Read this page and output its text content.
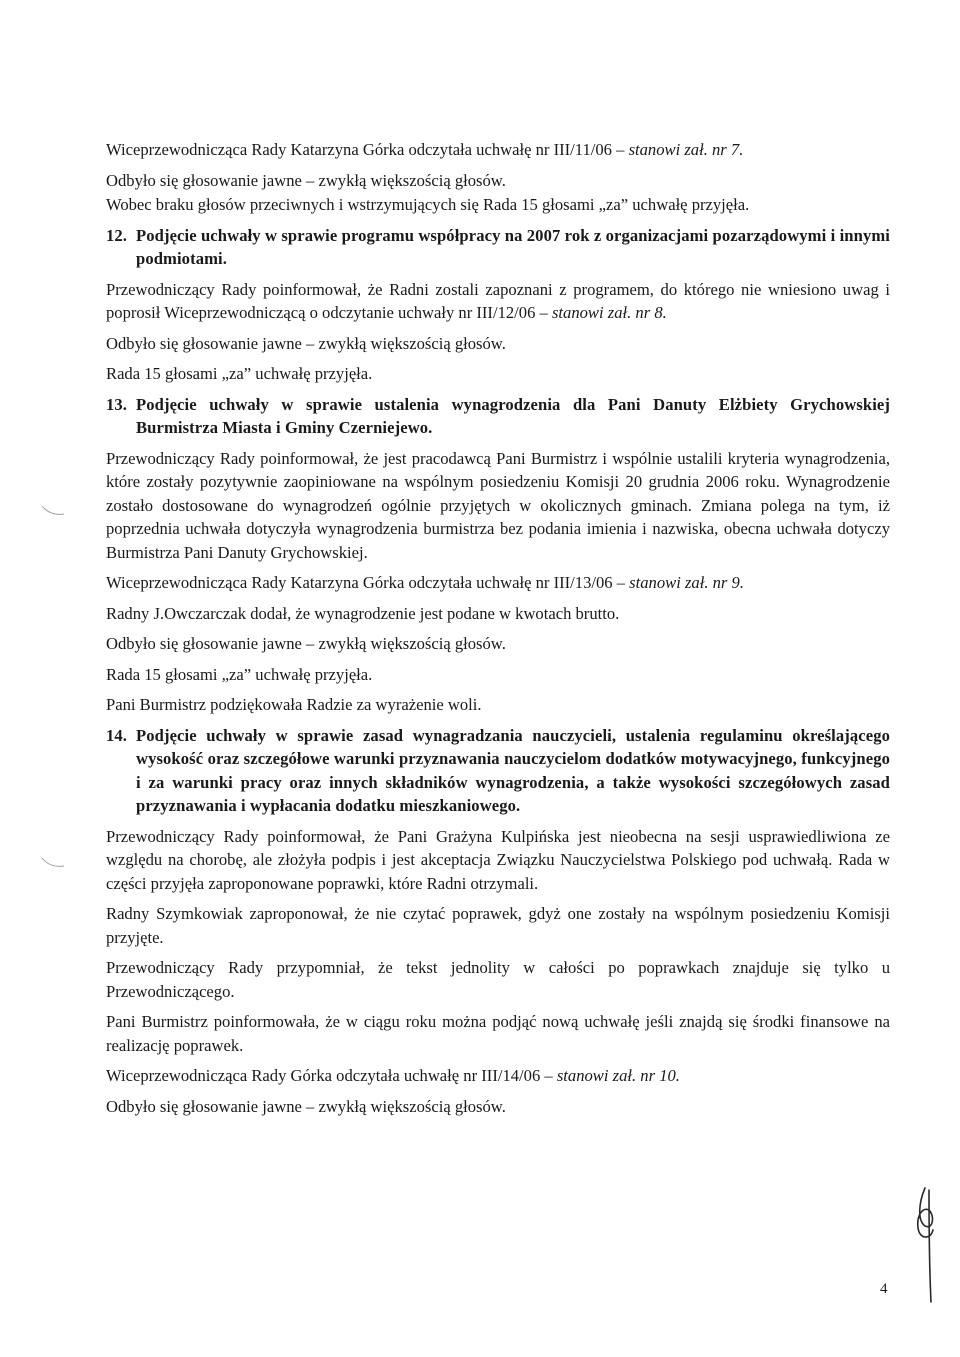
Wiceprzewodnicząca Rady Katarzyna Górka odczytała uchwałę nr III/11/06 – stanowi zał. nr 7.

Odbyło się głosowanie jawne – zwykłą większością głosów.

Wobec braku głosów przeciwnych i wstrzymujących się Rada 15 głosami „za” uchwałę przyjęła.

12. Podjęcie uchwały w sprawie programu współpracy na 2007 rok z organizacjami pozarządowymi i innymi podmiotami.

Przewodniczący Rady poinformował, że Radni zostali zapoznani z programem, do którego nie wniesiono uwag i poprosił Wiceprzewodniczącą o odczytanie uchwały nr III/12/06 – stanowi zał. nr 8.

Odbyło się głosowanie jawne – zwykłą większością głosów.

Rada 15 głosami „za” uchwałę przyjęła.

13. Podjęcie uchwały w sprawie ustalenia wynagrodzenia dla Pani Danuty Elżbiety Grychowskiej Burmistrza Miasta i Gminy Czerniejewo.

Przewodniczący Rady poinformował, że jest pracodawcą Pani Burmistrz i wspólnie ustalili kryteria wynagrodzenia, które zostały pozytywnie zaopiniowane na wspólnym posiedzeniu Komisji 20 grudnia 2006 roku. Wynagrodzenie zostało dostosowane do wynagrodzeń ogólnie przyjętych w okolicznych gminach. Zmiana polega na tym, iż poprzednia uchwała dotyczyła wynagrodzenia burmistrza bez podania imienia i nazwiska, obecna uchwała dotyczy Burmistrza Pani Danuty Grychowskiej.

Wiceprzewodnicząca Rady Katarzyna Górka odczytała uchwałę nr III/13/06 – stanowi zał. nr 9.

Radny J.Owczarczak dodał, że wynagrodzenie jest podane w kwotach brutto.

Odbyło się głosowanie jawne – zwykłą większością głosów.

Rada 15 głosami „za” uchwałę przyjęła.

Pani Burmistrz podziękowała Radzie za wyrażenie woli.

14. Podjęcie uchwały w sprawie zasad wynagradzania nauczycieli, ustalenia regulaminu określającego wysokość oraz szczegółowe warunki przyznawania nauczycielom dodatków motywacyjnego, funkcyjnego i za warunki pracy oraz innych składników wynagrodzenia, a także wysokości szczegółowych zasad przyznawania i wypłacania dodatku mieszkaniowego.

Przewodniczący Rady poinformował, że Pani Grażyna Kulpińska jest nieobecna na sesji usprawiedliwiona ze względu na chorobę, ale złożyła podpis i jest akceptacja Związku Nauczycielstwa Polskiego pod uchwałą. Rada w części przyjęła zaproponowane poprawki, które Radni otrzymali.

Radny Szymkowiak zaproponował, że nie czytać poprawek, gdyż one zostały na wspólnym posiedzeniu Komisji przyjęte.

Przewodniczący Rady przypomniał, że tekst jednolity w całości po poprawkach znajduje się tylko u Przewodniczącego.

Pani Burmistrz poinformowała, że w ciągu roku można podjąć nową uchwałę jeśli znajdą się środki finansowe na realizację poprawek.

Wiceprzewodnicząca Rady Górka odczytała uchwałę nr III/14/06 – stanowi zał. nr 10.

Odbyło się głosowanie jawne – zwykłą większością głosów.

4
